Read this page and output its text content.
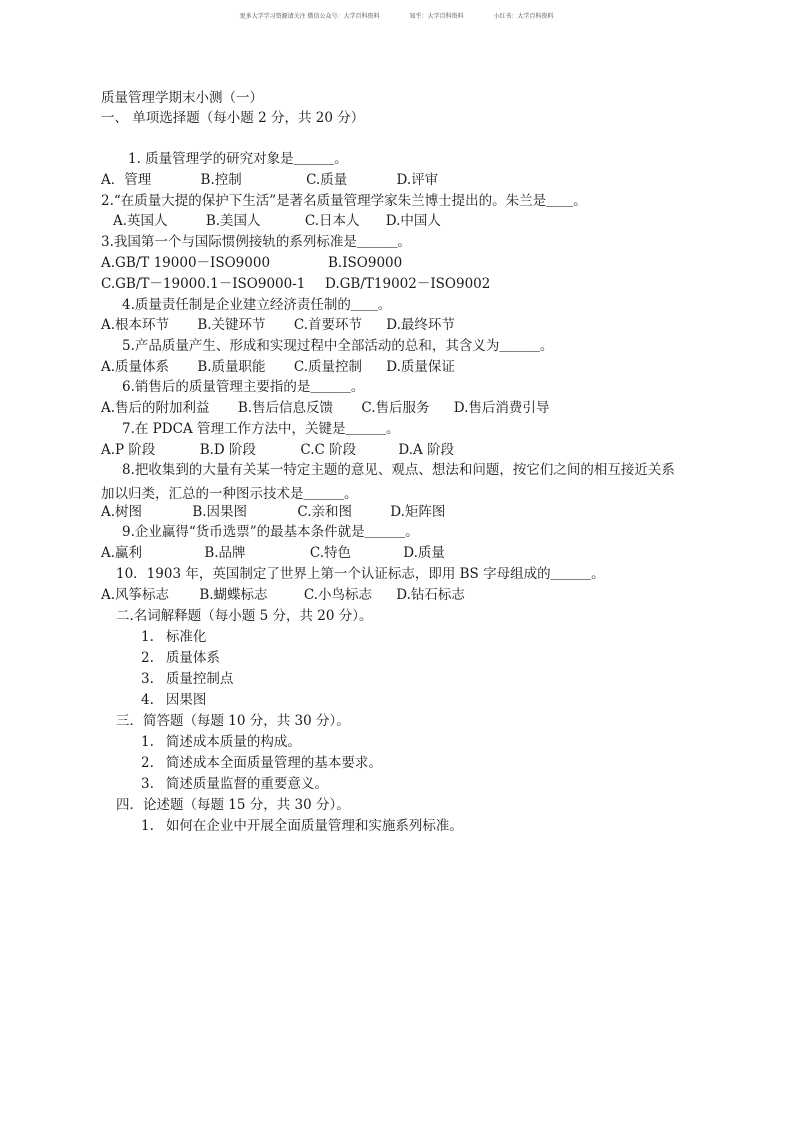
更多大学学习资源请关注 微信公众号：大学百科资料	知乎：大学百科资料	小红书：大学百科资料
质量管理学期末小测（一）
一、 单项选择题（每小题 2 分，共 20 分）
1. 质量管理学的研究对象是＿＿＿。
A．管理	B.控制	C.质量	D.评审
2.“在质量大提的保护下生活”是著名质量管理学家朱兰博士提出的。朱兰是＿＿。
A.英国人	B.美国人	C.日本人 D.中国人
3.我国第一个与国际惯例接轨的系列标准是＿＿＿。
A.GB/T 19000－ISO9000	B.ISO9000
C.GB/T－19000.1－ISO9000-1 D.GB/T19002－ISO9002
4.质量责任制是企业建立经济责任制的＿＿。
A.根本环节 B.关键环节 C.首要环节 D.最终环节
5.产品质量产生、形成和实现过程中全部活动的总和，其含义为＿＿＿。
A.质量体系 B.质量职能 C.质量控制 D.质量保证
6.销售后的质量管理主要指的是＿＿＿。
A.售后的附加利益 B.售后信息反馈 C.售后服务 D.售后消费引导
7.在 PDCA 管理工作方法中，关键是＿＿＿。
A.P 阶段	B.D 阶段	C.C 阶段	D.A 阶段
8.把收集到的大量有关某一特定主题的意见、观点、想法和问题，按它们之间的相互接近关系
加以归类，汇总的一种图示技术是＿＿＿。
A.树图	B.因果图	C.亲和图	D.矩阵图
9.企业赢得“货币选票”的最基本条件就是＿＿＿。
A.赢利	B.品牌	C.特色	D.质量
10．1903 年，英国制定了世界上第一个认证标志，即用 BS 字母组成的＿＿＿。
A.风筝标志 B.蝴蝶标志	C.小鸟标志 D.钻石标志
二.名词解释题（每小题 5 分，共 20 分）。
1. 标准化
2. 质量体系
3. 质量控制点
4. 因果图
三．简答题（每题 10 分，共 30 分）。
1. 简述成本质量的构成。
2. 简述成本全面质量管理的基本要求。
3. 简述质量监督的重要意义。
四．论述题（每题 15 分，共 30 分）。
1. 如何在企业中开展全面质量管理和实施系列标准。
